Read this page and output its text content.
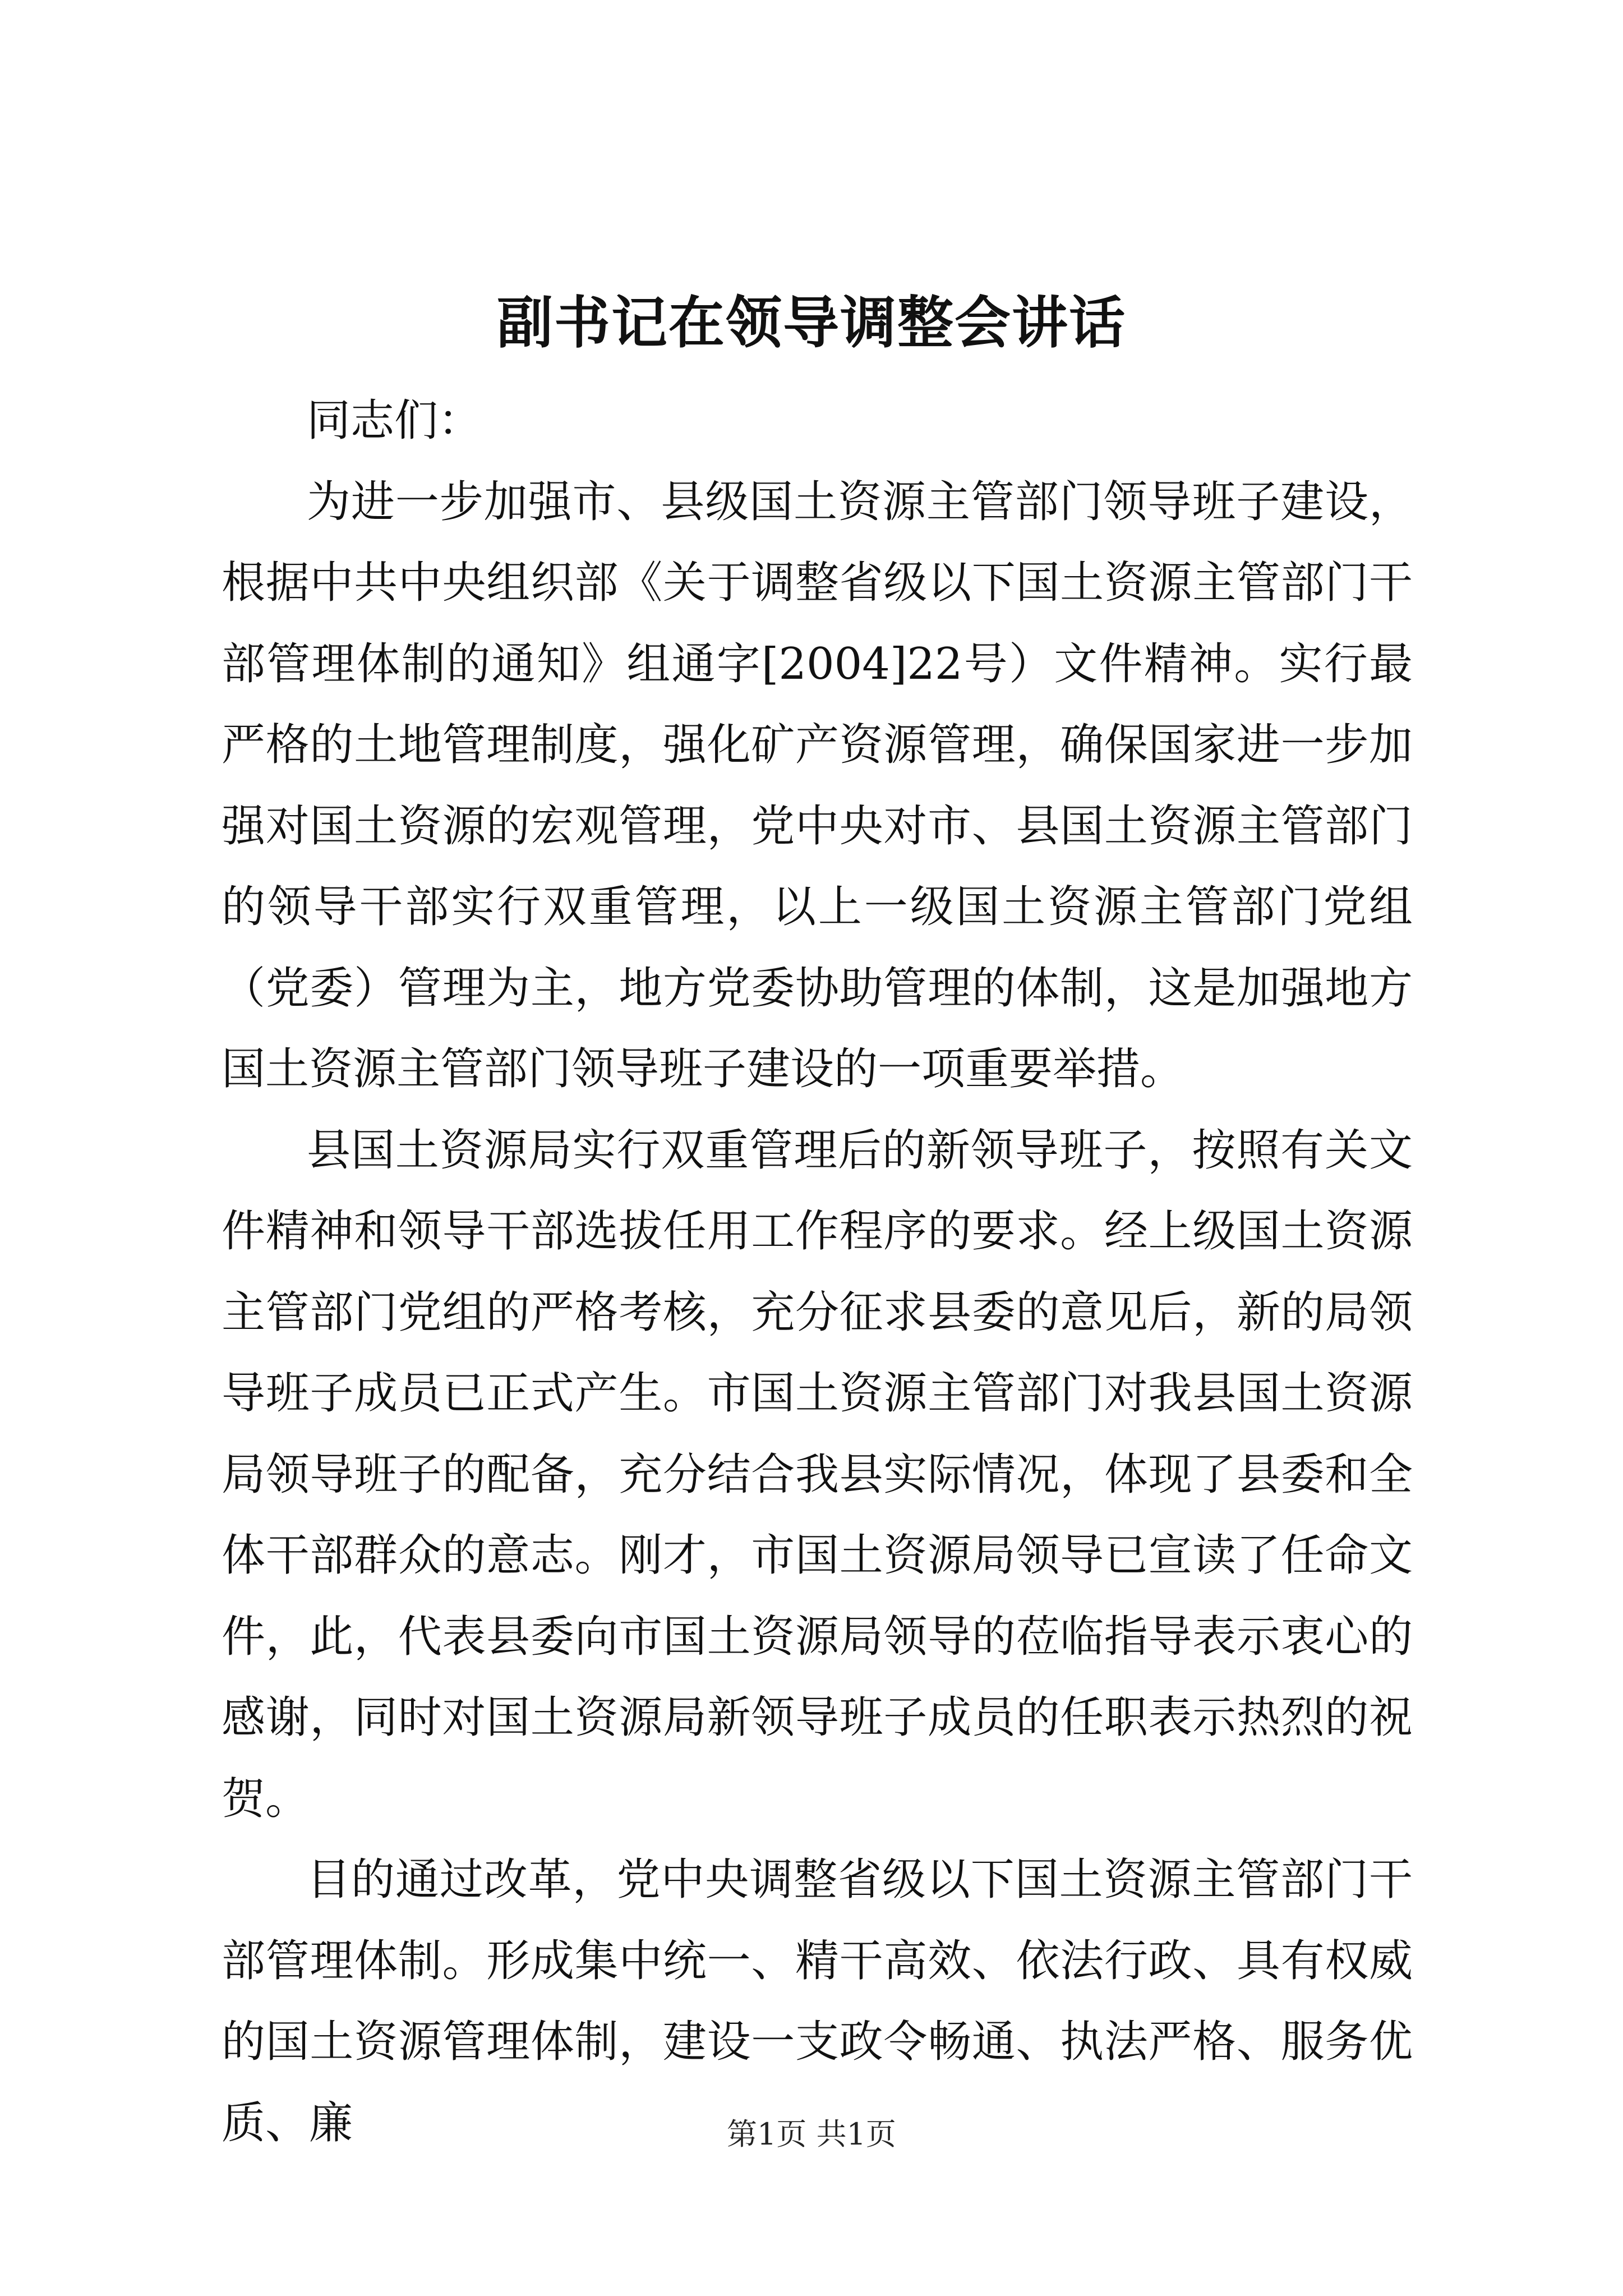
副书记在领导调整会讲话

同志们：

为进一步加强市、县级国土资源主管部门领导班子建设，根据中共中央组织部《关于调整省级以下国土资源主管部门干部管理体制的通知》组通字[2004]22号）文件精神。实行最严格的土地管理制度，强化矿产资源管理，确保国家进一步加强对国土资源的宏观管理，党中央对市、县国土资源主管部门的领导干部实行双重管理，以上一级国土资源主管部门党组（党委）管理为主，地方党委协助管理的体制，这是加强地方国土资源主管部门领导班子建设的一项重要举措。

县国土资源局实行双重管理后的新领导班子，按照有关文件精神和领导干部选拔任用工作程序的要求。经上级国土资源主管部门党组的严格考核，充分征求县委的意见后，新的局领导班子成员已正式产生。市国土资源主管部门对我县国土资源局领导班子的配备，充分结合我县实际情况，体现了县委和全体干部群众的意志。刚才，市国土资源局领导已宣读了任命文件，此，代表县委向市国土资源局领导的莅临指导表示衷心的感谢，同时对国土资源局新领导班子成员的任职表示热烈的祝贺。

目的通过改革，党中央调整省级以下国土资源主管部门干部管理体制。形成集中统一、精干高效、依法行政、具有权威的国土资源管理体制，建设一支政令畅通、执法严格、服务优质、廉	第1页 共1页
